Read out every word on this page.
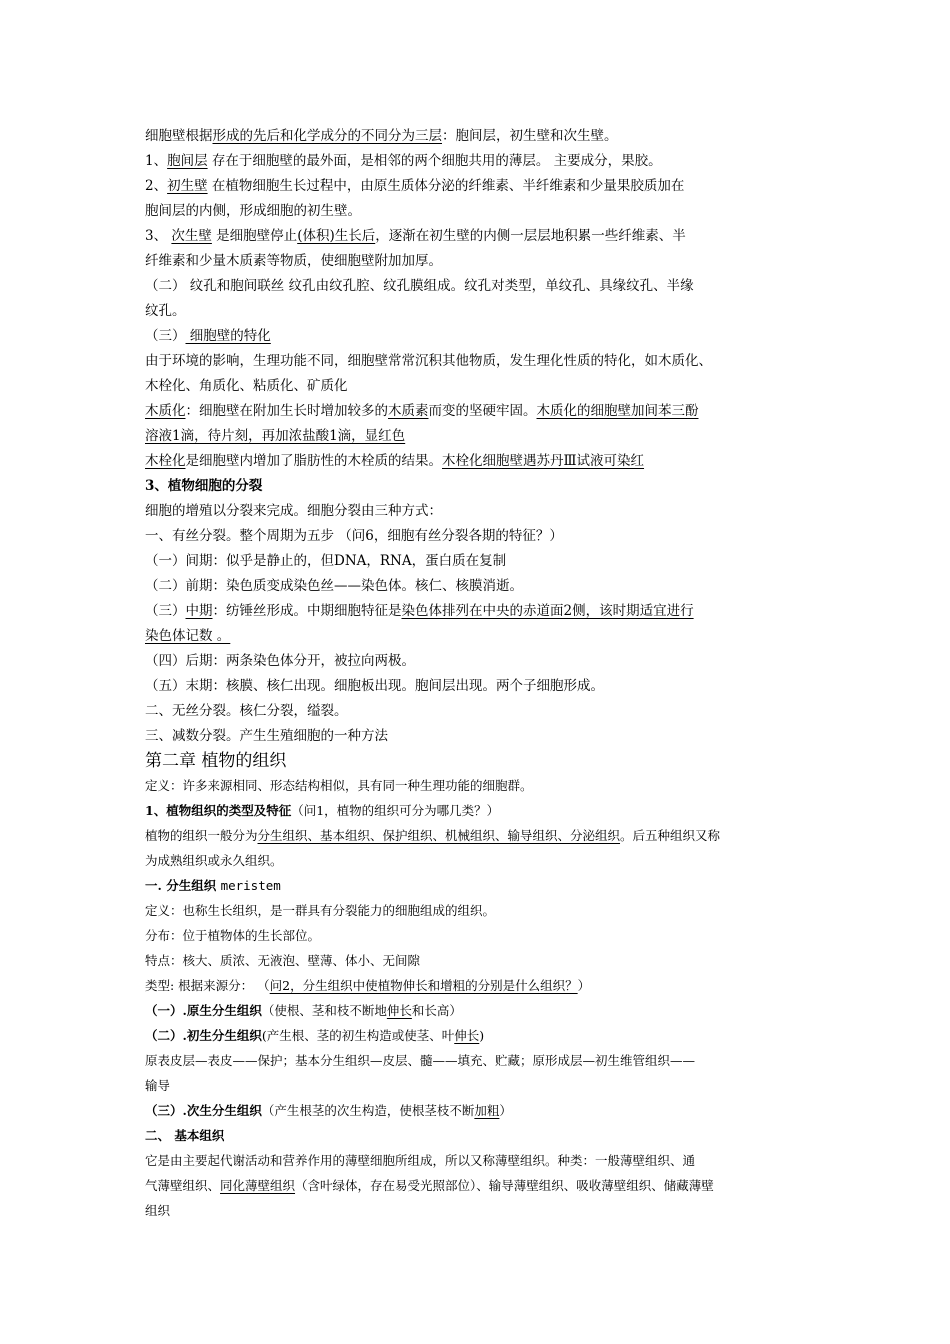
细胞壁根据形成的先后和化学成分的不同分为三层：胞间层，初生壁和次生壁。
1、胞间层 存在于细胞壁的最外面，是相邻的两个细胞共用的薄层。 主要成分，果胶。
2、初生壁 在植物细胞生长过程中，由原生质体分泌的纤维素、半纤维素和少量果胶质加在
胞间层的内侧，形成细胞的初生壁。
3、 次生壁 是细胞壁停止(体积)生长后，逐渐在初生壁的内侧一层层地积累一些纤维素、半
纤维素和少量木质素等物质，使细胞壁附加加厚。
（二） 纹孔和胞间联丝 纹孔由纹孔腔、纹孔膜组成。纹孔对类型，单纹孔、具缘纹孔、半缘
纹孔。
（三） 细胞壁的特化
由于环境的影响，生理功能不同，细胞壁常常沉积其他物质，发生理化性质的特化，如木质化、
木栓化、角质化、粘质化、矿质化
木质化：细胞壁在附加生长时增加较多的木质素而变的坚硬牢固。木质化的细胞壁加间苯三酚
溶液1滴，待片刻，再加浓盐酸1滴，显红色
木栓化是细胞壁内增加了脂肪性的木栓质的结果。木栓化细胞壁遇苏丹Ⅲ试液可染红
3、植物细胞的分裂
细胞的增殖以分裂来完成。细胞分裂由三种方式：
一、有丝分裂。整个周期为五步 （问6，细胞有丝分裂各期的特征？）
（一）间期：似乎是静止的，但DNA，RNA，蛋白质在复制
（二）前期：染色质变成染色丝——染色体。核仁、核膜消逝。
（三）中期：纺锤丝形成。中期细胞特征是染色体排列在中央的赤道面2侧，该时期适宜进行
染色体记数 。
（四）后期：两条染色体分开，被拉向两极。
（五）末期：核膜、核仁出现。细胞板出现。胞间层出现。两个子细胞形成。
二、无丝分裂。核仁分裂，缢裂。
三、减数分裂。产生生殖细胞的一种方法
第二章 植物的组织
定义：许多来源相同、形态结构相似，具有同一种生理功能的细胞群。
1、植物组织的类型及特征（问1，植物的组织可分为哪几类？）
植物的组织一般分为分生组织、基本组织、保护组织、机械组织、输导组织、分泌组织。后五种组织又称
为成熟组织或永久组织。
一. 分生组织 meristem
定义：也称生长组织，是一群具有分裂能力的细胞组成的组织。
分布：位于植物体的生长部位。
特点：核大、质浓、无液泡、壁薄、体小、无间隙
类型: 根据来源分： （问2，分生组织中使植物伸长和增粗的分别是什么组织？）
（一）.原生分生组织（使根、茎和枝不断地伸长和长高）
（二）.初生分生组织(产生根、茎的初生构造或使茎、叶伸长)
原表皮层—表皮——保护；基本分生组织—皮层、髓——填充、贮藏；原形成层—初生维管组织——
输导
（三）.次生分生组织（产生根茎的次生构造，使根茎枝不断加粗）
二、 基本组织
它是由主要起代谢活动和营养作用的薄壁细胞所组成，所以又称薄壁组织。种类：一般薄壁组织、通
气薄壁组织、同化薄壁组织（含叶绿体，存在易受光照部位）、输导薄壁组织、吸收薄壁组织、储藏薄壁
组织
